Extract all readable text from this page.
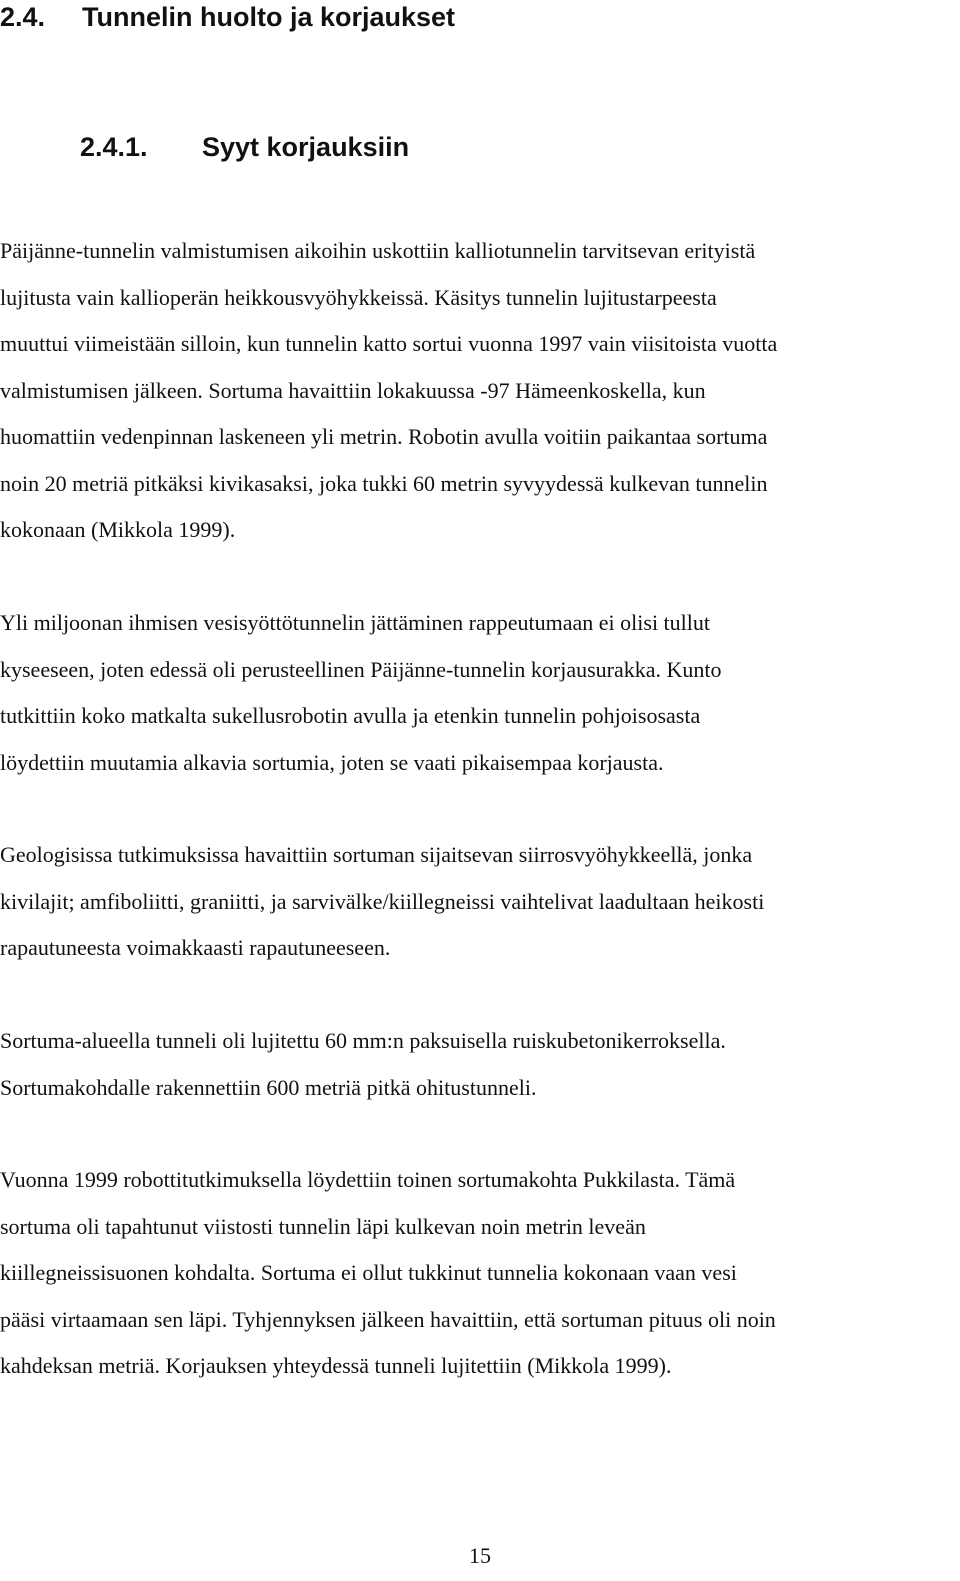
2.4. Tunnelin huolto ja korjaukset
2.4.1. Syyt korjauksiin

Päijänne-tunnelin valmistumisen aikoihin uskottiin kalliotunnelin tarvitsevan erityistä
lujitusta vain kallioperän heikkousvyöhykkeissä. Käsitys tunnelin lujitustarpeesta
muuttui viimeistään silloin, kun tunnelin katto sortui vuonna 1997 vain viisitoista vuotta
valmistumisen jälkeen. Sortuma havaittiin lokakuussa -97 Hämeenkoskella, kun
huomattiin vedenpinnan laskeneen yli metrin. Robotin avulla voitiin paikantaa sortuma
noin 20 metriä pitkäksi kivikasaksi, joka tukki 60 metrin syvyydessä kulkevan tunnelin
kokonaan (Mikkola 1999).

Yli miljoonan ihmisen vesisyöttötunnelin jättäminen rappeutumaan ei olisi tullut
kyseeseen, joten edessä oli perusteellinen Päijänne-tunnelin korjausurakka. Kunto
tutkittiin koko matkalta sukellusrobotin avulla ja etenkin tunnelin pohjoisosasta
löydettiin muutamia alkavia sortumia, joten se vaati pikaisempaa korjausta.

Geologisissa tutkimuksissa havaittiin sortuman sijaitsevan siirrosvyöhykkeellä, jonka
kivilajit; amfiboliitti, graniitti, ja sarvivälke/kiillegneissi vaihtelivat laadultaan heikosti
rapautuneesta voimakkaasti rapautuneeseen.

Sortuma-alueella tunneli oli lujitettu 60 mm:n paksuisella ruiskubetonikerroksella.
Sortumakohdalle rakennettiin 600 metriä pitkä ohitustunneli.

Vuonna 1999 robottitutkimuksella löydettiin toinen sortumakohta Pukkilasta. Tämä
sortuma oli tapahtunut viistosti tunnelin läpi kulkevan noin metrin leveän
kiillegneissisuonen kohdalta. Sortuma ei ollut tukkinut tunnelia kokonaan vaan vesi
pääsi virtaamaan sen läpi. Tyhjennyksen jälkeen havaittiin, että sortuman pituus oli noin
kahdeksan metriä. Korjauksen yhteydessä tunneli lujitettiin (Mikkola 1999).

15
